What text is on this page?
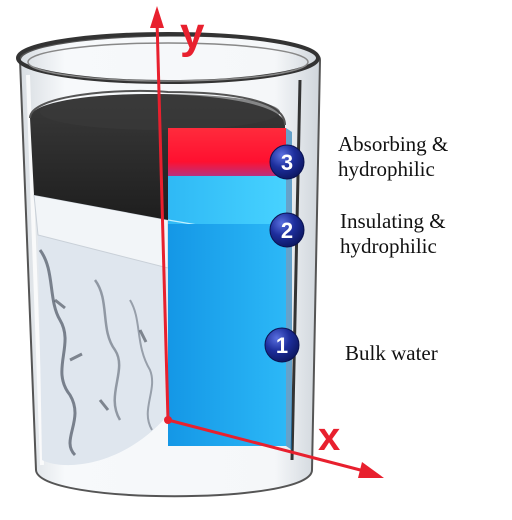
y
x
3
2
1
Absorbing &
hydrophilic
Insulating &
hydrophilic
Bulk water
